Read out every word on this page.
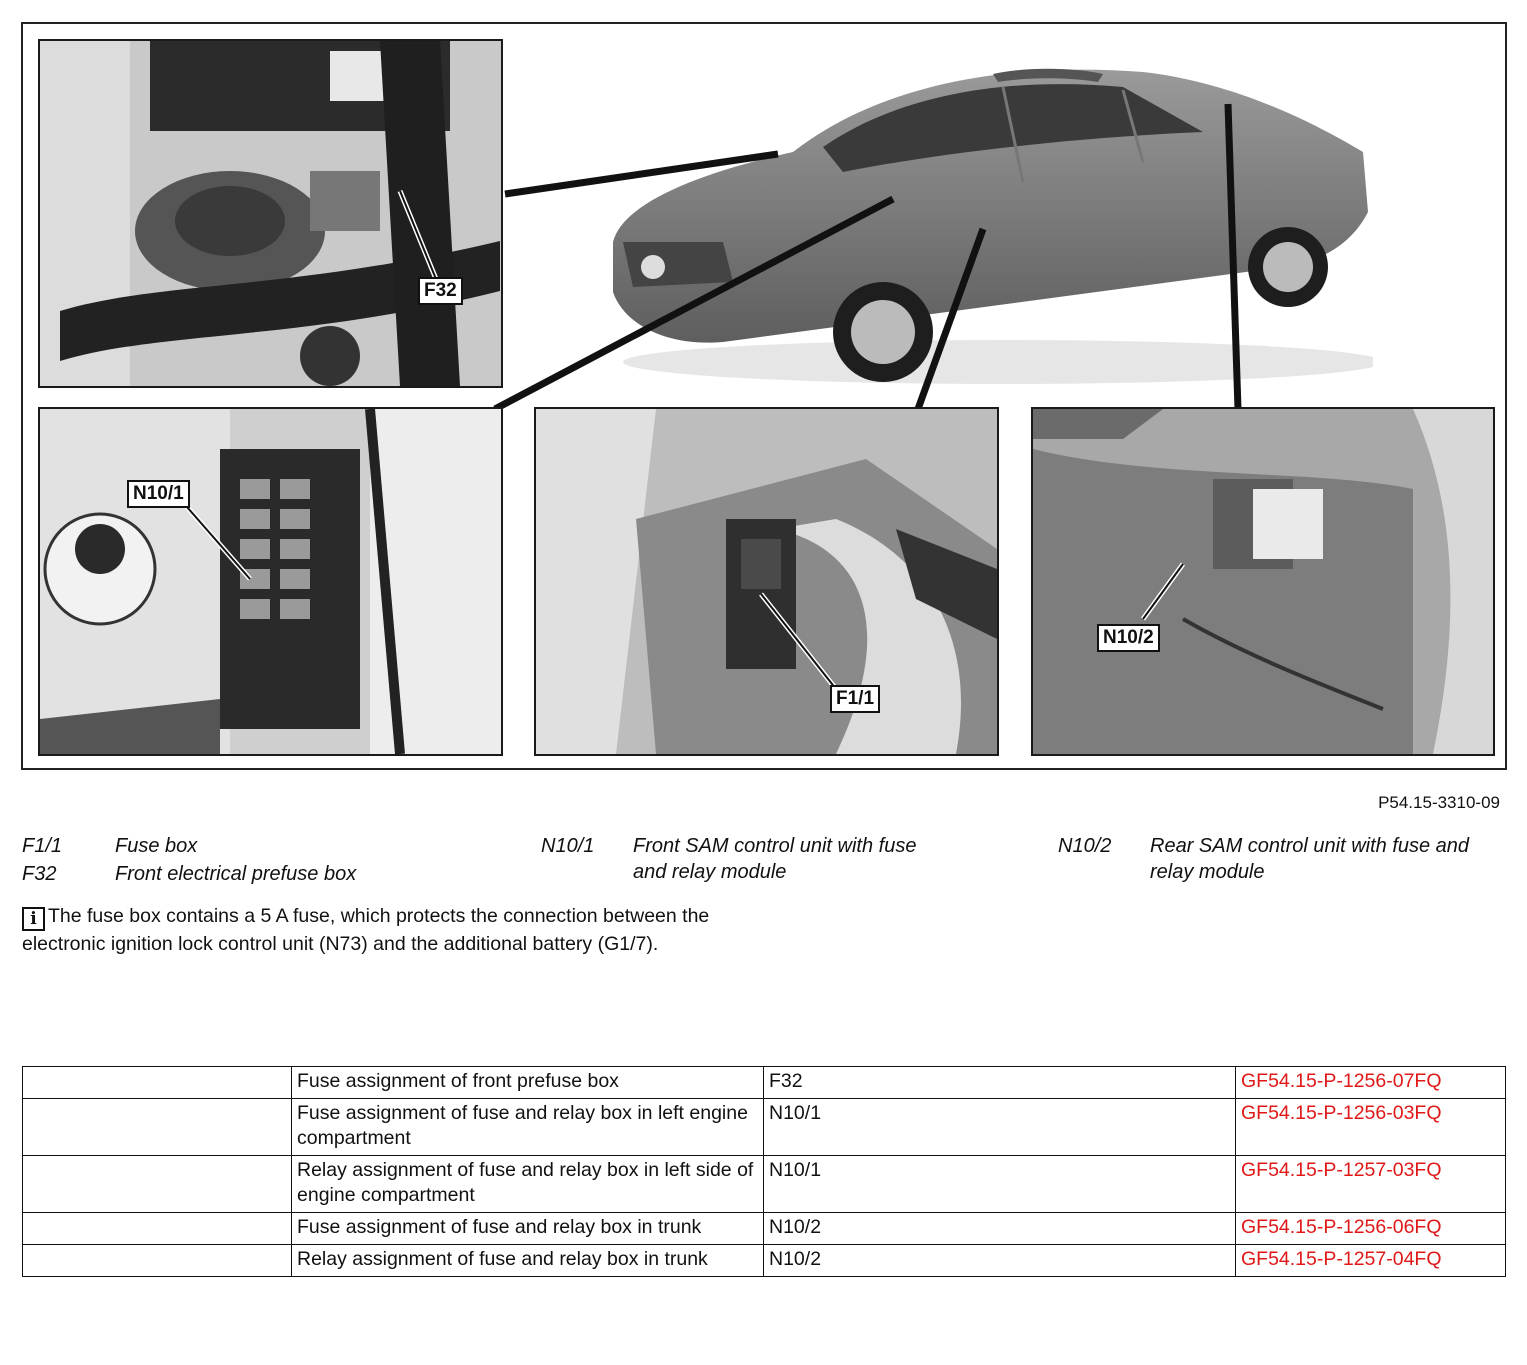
F32
N10/1
F1/1
N10/2
P54.15-3310-09
F1/1	Fuse box
F32	Front electrical prefuse box
N10/1 Front SAM control unit with fuse and relay module
N10/2 Rear SAM control unit with fuse and relay module
i The fuse box contains a 5 A fuse, which protects the connection between the electronic ignition lock control unit (N73) and the additional battery (G1/7).
	Fuse assignment of front prefuse box	F32	GF54.15-P-1256-07FQ
	Fuse assignment of fuse and relay box in left engine compartment	N10/1	GF54.15-P-1256-03FQ
	Relay assignment of fuse and relay box in left side of engine compartment	N10/1	GF54.15-P-1257-03FQ
	Fuse assignment of fuse and relay box in trunk	N10/2	GF54.15-P-1256-06FQ
	Relay assignment of fuse and relay box in trunk	N10/2	GF54.15-P-1257-04FQ
